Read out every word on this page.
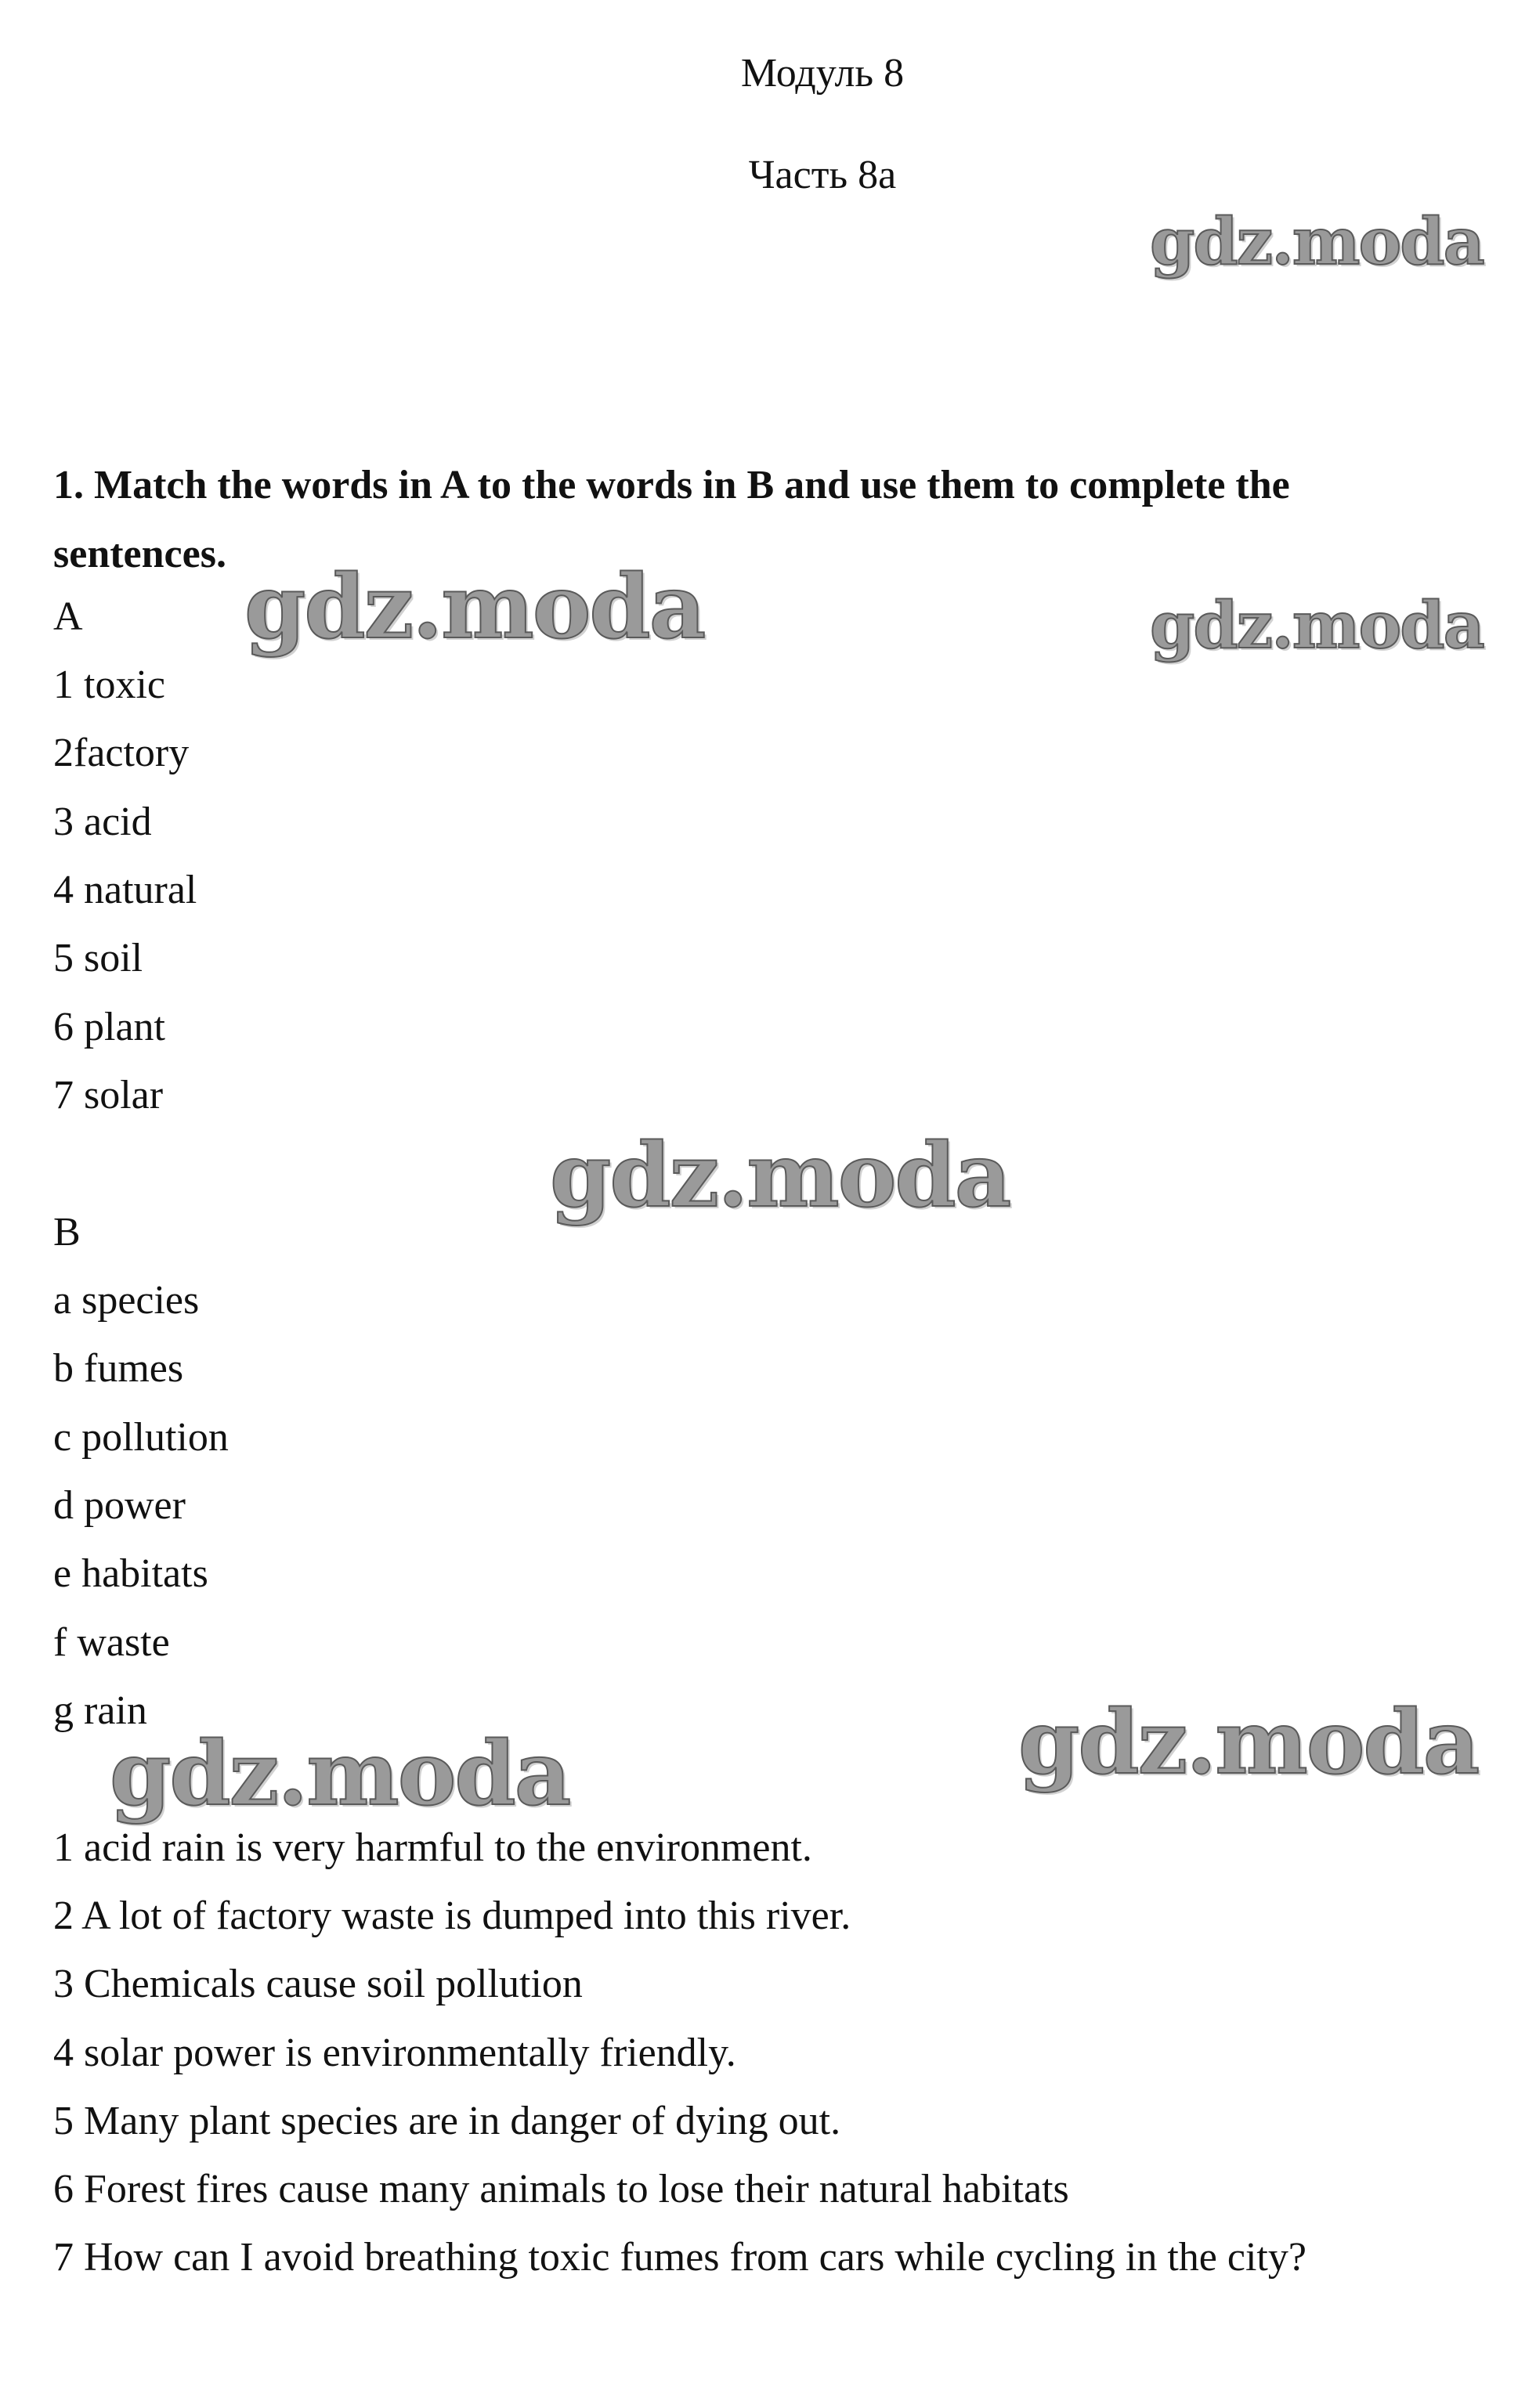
Модуль 8
Часть 8а
gdz.moda
gdz.moda	gdz.moda
gdz.moda
gdz.moda	gdz.moda
1. Match the words in A to the words in B and use them to complete the sentences.
A
1 toxic
2factory
3 acid
4 natural
5 soil
6 plant
7 solar
B
a species
b fumes
c pollution
d power
e habitats
f waste
g rain
1 acid rain is very harmful to the environment.
2 A lot of factory waste is dumped into this river.
3 Chemicals cause soil pollution
4 solar power is environmentally friendly.
5 Many plant species are in danger of dying out.
6 Forest fires cause many animals to lose their natural habitats
7 How can I avoid breathing toxic fumes from cars while cycling in the city?
